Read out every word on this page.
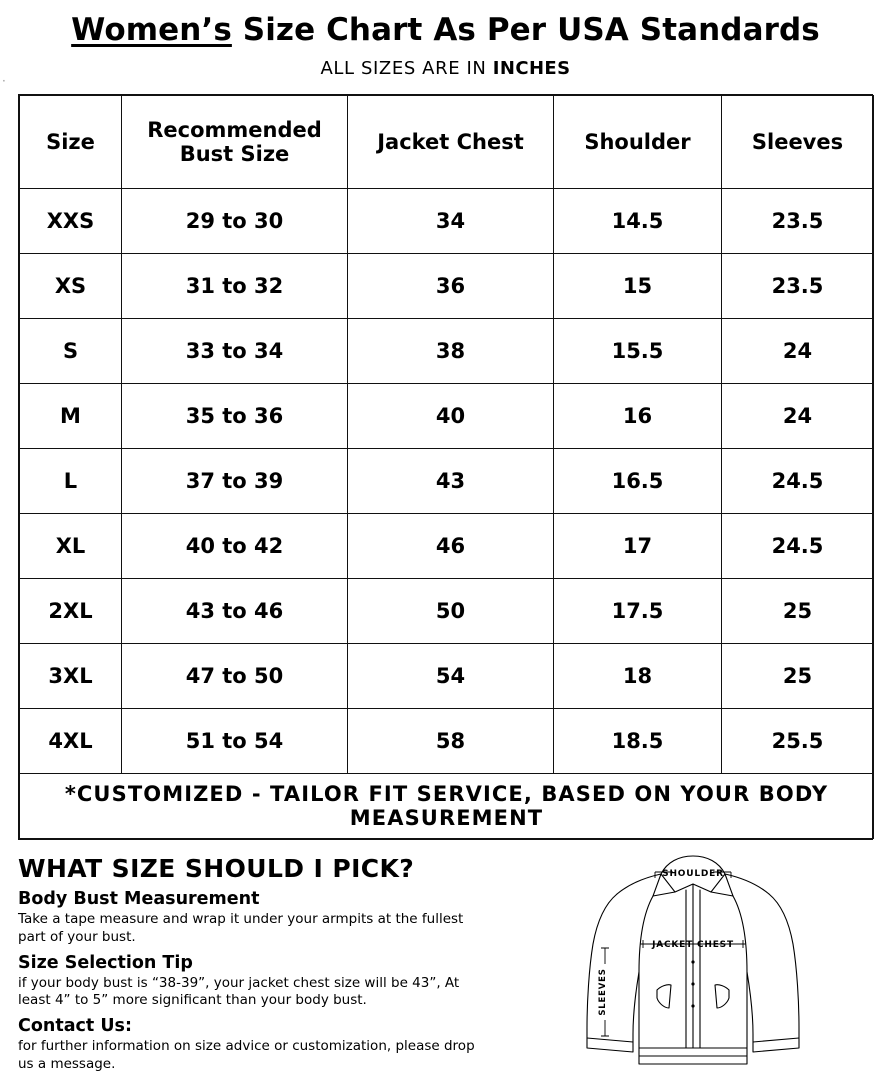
·
Women’s Size Chart As Per USA Standards
ALL SIZES ARE IN INCHES
Size	Recommended Bust Size	Jacket Chest	Shoulder	Sleeves
XXS	29 to 30	34	14.5	23.5
XS	31 to 32	36	15	23.5
S	33 to 34	38	15.5	24
M	35 to 36	40	16	24
L	37 to 39	43	16.5	24.5
XL	40 to 42	46	17	24.5
2XL	43 to 46	50	17.5	25
3XL	47 to 50	54	18	25
4XL	51 to 54	58	18.5	25.5
*CUSTOMIZED - TAILOR FIT SERVICE, BASED ON YOUR BODY MEASUREMENT				
WHAT SIZE SHOULD I PICK?
Body Bust Measurement

Take a tape measure and wrap it under your armpits at the fullest part of your bust.

Size Selection Tip

if your body bust is “38-39”, your jacket chest size will be 43”, At least 4” to 5” more significant than your body bust.

Contact Us:

for further information on size advice or customization, please drop us a message.

SHOULDER
JACKET CHEST
SLEEVES
